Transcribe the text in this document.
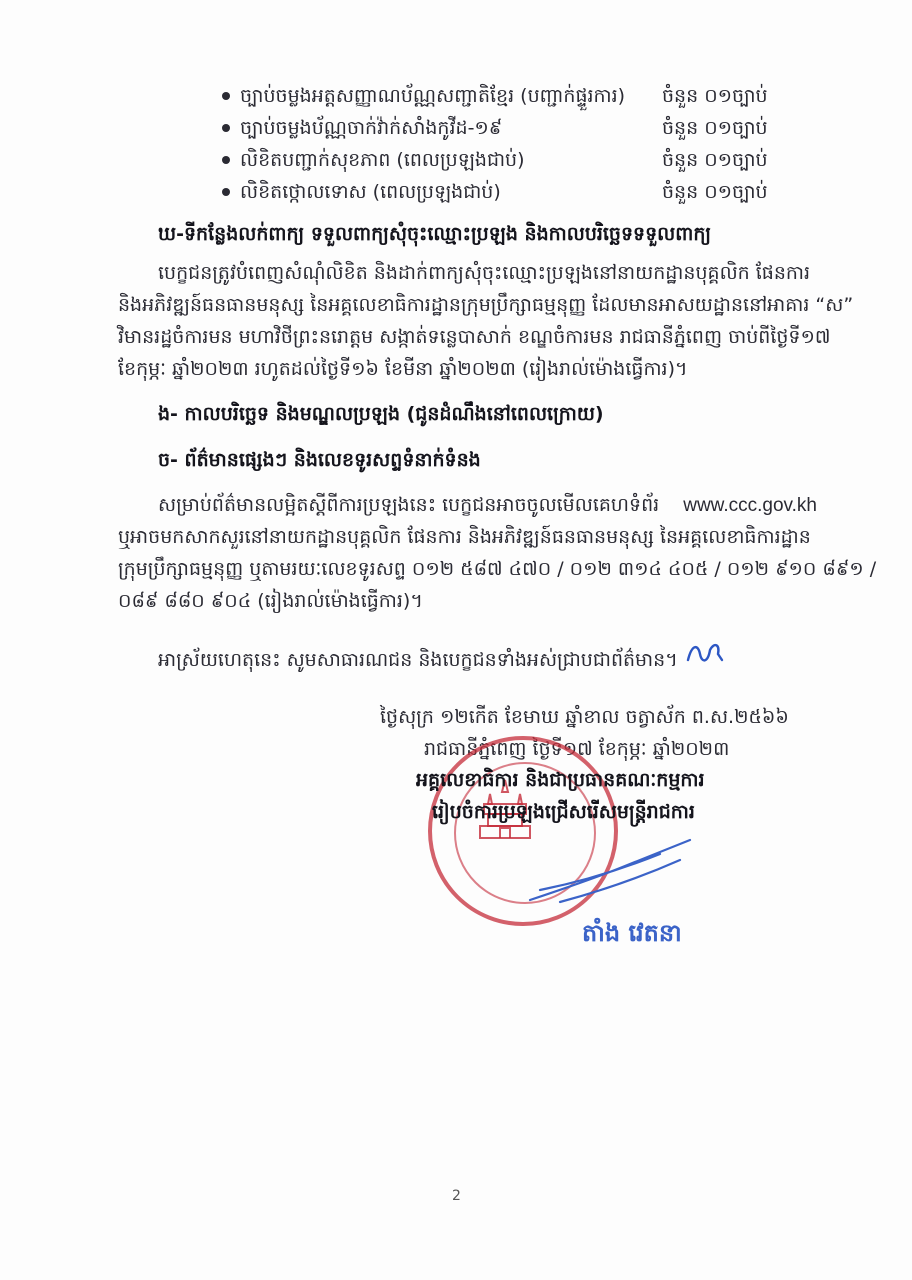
ច្បាប់ចម្លងអត្តសញ្ញាណប័ណ្ណសញ្ជាតិខ្មែរ (បញ្ជាក់ផ្ទួរការ) ចំនួន ០១ច្បាប់
ច្បាប់ចម្លងប័ណ្ណចាក់វ៉ាក់សាំងកូវីដ-១៩	ចំនួន ០១ច្បាប់
លិខិតបញ្ជាក់សុខភាព (ពេលប្រឡងជាប់)	ចំនួន ០១ច្បាប់
លិខិតថ្កោលទោស (ពេលប្រឡងជាប់)	ចំនួន ០១ច្បាប់
ឃ-ទីកន្លែងលក់ពាក្យ ទទួលពាក្យសុំចុះឈ្មោះប្រឡង និងកាលបរិច្ឆេទទទួលពាក្យ
បេក្ខជនត្រូវបំពេញសំណុំលិខិត និងដាក់ពាក្យសុំចុះឈ្មោះប្រឡងនៅនាយកដ្ឋានបុគ្គលិក ផែនការ
និងអភិវឌ្ឍន៍ធនធានមនុស្ស នៃអគ្គលេខាធិការដ្ឋានក្រុមប្រឹក្សាធម្មនុញ្ញ ដែលមានអាសយដ្ឋាននៅអាគារ “ស”
វិមានរដ្ឋចំការមន មហាវិថីព្រះនរោត្តម សង្កាត់ទន្លេបាសាក់ ខណ្ឌចំការមន រាជធានីភ្នំពេញ ចាប់ពីថ្ងៃទី១៧
ខែកុម្ភៈ ឆ្នាំ២០២៣ រហូតដល់ថ្ងៃទី១៦ ខែមីនា ឆ្នាំ២០២៣ (រៀងរាល់ម៉ោងធ្វើការ)។
ង- កាលបរិច្ឆេទ និងមណ្ឌលប្រឡង (ជូនដំណឹងនៅពេលក្រោយ)
ច- ព័ត៌មានផ្សេងៗ និងលេខទូរសព្ទទំនាក់ទំនង
សម្រាប់ព័ត៌មានលម្អិតស្ដីពីការប្រឡងនេះ បេក្ខជនអាចចូលមើលគេហទំព័រ www.ccc.gov.kh
ឬអាចមកសាកសួរនៅនាយកដ្ឋានបុគ្គលិក ផែនការ និងអភិវឌ្ឍន៍ធនធានមនុស្ស នៃអគ្គលេខាធិការដ្ឋាន
ក្រុមប្រឹក្សាធម្មនុញ្ញ ឬតាមរយៈលេខទូរសព្ទ ០១២ ៥៨៧ ៤៧០ / ០១២ ៣១៤ ៤០៥ / ០១២ ៩១០ ៨៩១ /
០៨៩ ៨៨០ ៩០៤ (រៀងរាល់ម៉ោងធ្វើការ)។
អាស្រ័យហេតុនេះ សូមសាធារណជន និងបេក្ខជនទាំងអស់ជ្រាបជាព័ត៌មាន។
ថ្ងៃសុក្រ ១២កើត ខែមាឃ ឆ្នាំខាល ចត្វាស័ក ព.ស.២៥៦៦
រាជធានីភ្នំពេញ ថ្ងៃទី១៧ ខែកុម្ភៈ ឆ្នាំ២០២៣
អគ្គលេខាធិការ និងជាប្រធានគណៈកម្មការ
រៀបចំការប្រឡងជ្រើសរើសមន្ត្រីរាជការ
តាំង វេតនា
2
